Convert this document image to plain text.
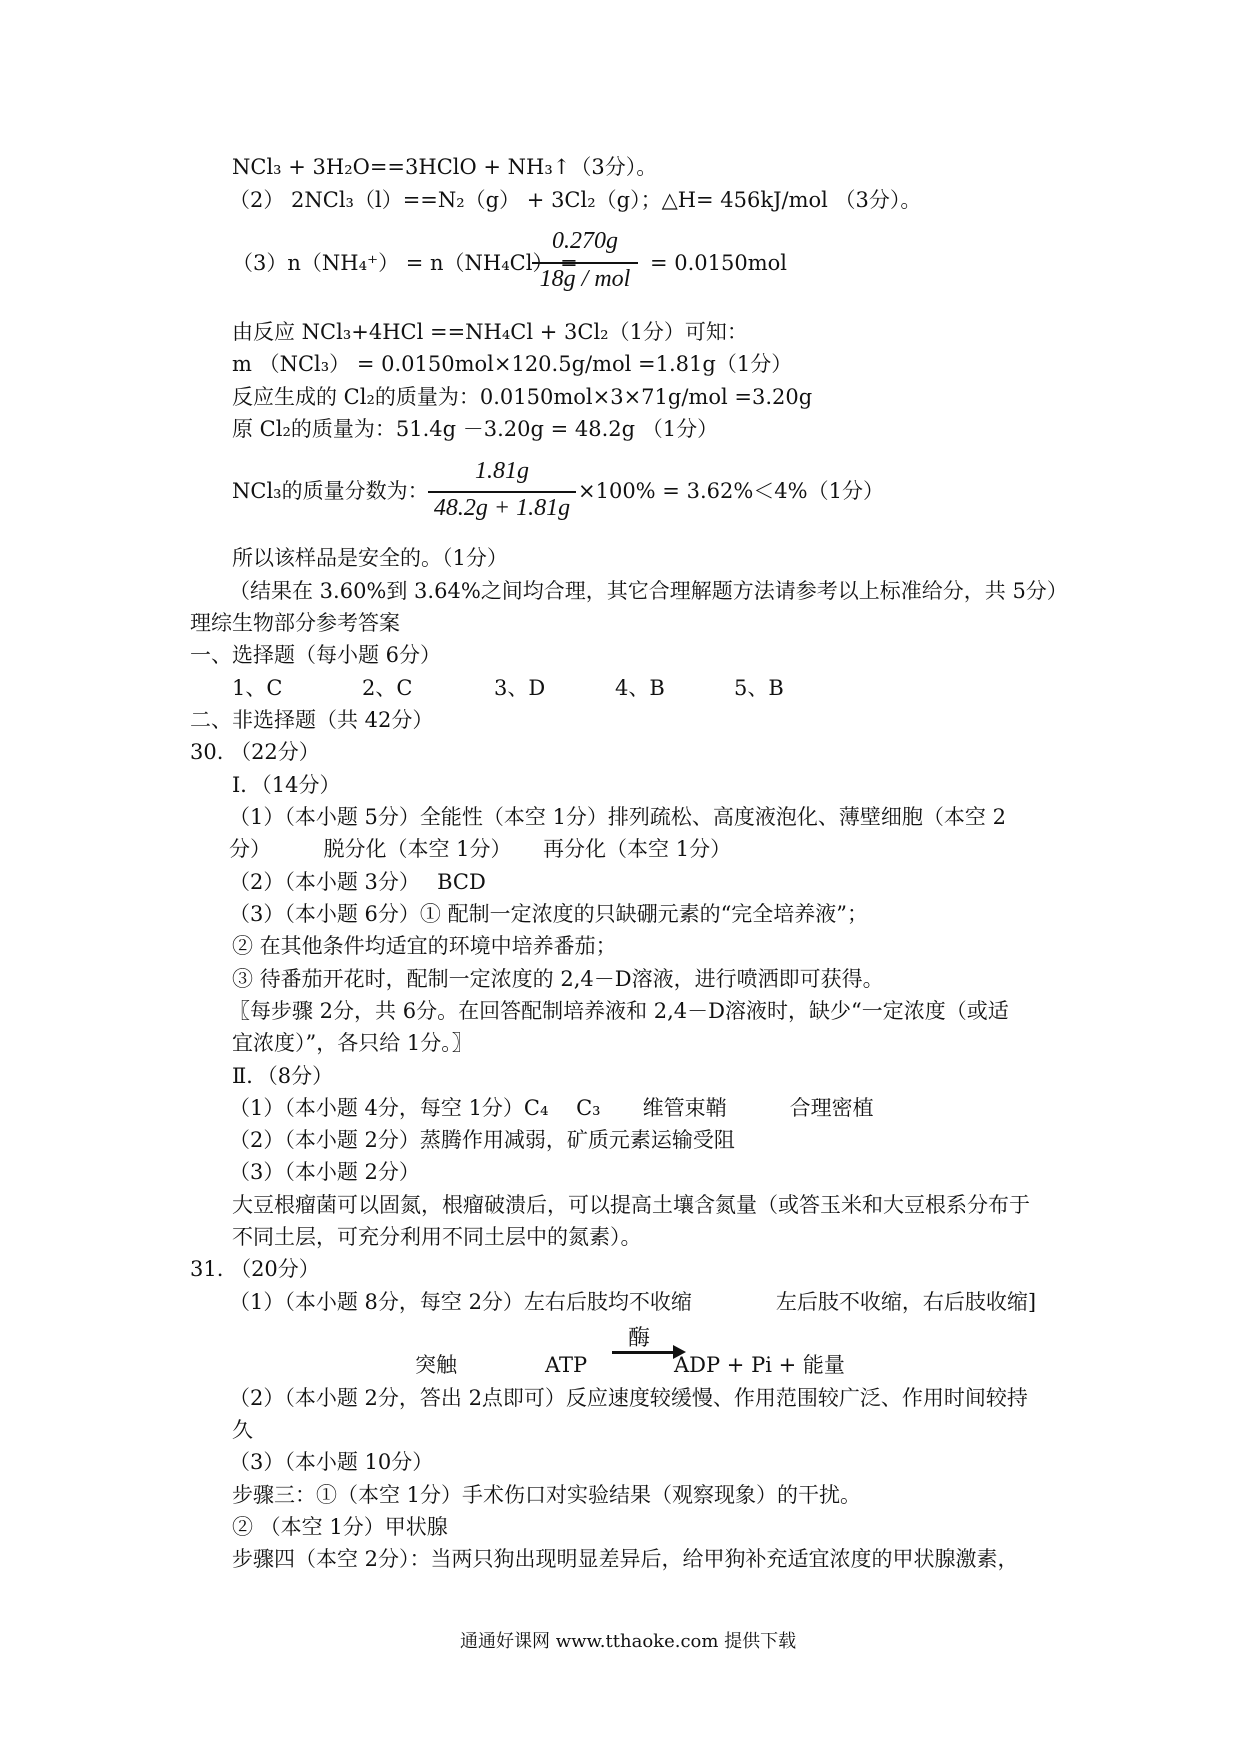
NCl₃ + 3H₂O==3HClO + NH₃↑（3分）。
（2） 2NCl₃（l）==N₂（g） + 3Cl₂（g）；△H= 456kJ/mol （3分）。
（3）n（NH₄⁺） = n（NH₄Cl） =
0.270g
18g / mol
= 0.0150mol
由反应 NCl₃+4HCl ==NH₄Cl + 3Cl₂（1分）可知：
m （NCl₃） = 0.0150mol×120.5g/mol =1.81g（1分）
反应生成的 Cl₂的质量为：0.0150mol×3×71g/mol =3.20g
原 Cl₂的质量为：51.4g －3.20g = 48.2g （1分）
NCl₃的质量分数为：
1.81g
48.2g + 1.81g
×100% = 3.62%＜4%（1分）
所以该样品是安全的。（1分）
（结果在 3.60%到 3.64%之间均合理，其它合理解题方法请参考以上标准给分，共 5分）
理综生物部分参考答案
一、选择题（每小题 6分）
1、C	2、C	3、D	4、B	5、B
二、非选择题（共 42分）
30. （22分）
Ⅰ．（14分）
（1）（本小题 5分）全能性（本空 1分）排列疏松、高度液泡化、薄壁细胞（本空 2
分）　　　脱分化（本空 1分）　　再分化（本空 1分）
（2）（本小题 3分）　 BCD
（3）（本小题 6分）① 配制一定浓度的只缺硼元素的“完全培养液”；
② 在其他条件均适宜的环境中培养番茄；
③ 待番茄开花时，配制一定浓度的 2,4－D溶液，进行喷洒即可获得。
〖每步骤 2分，共 6分。在回答配制培养液和 2,4－D溶液时，缺少“一定浓度（或适
宜浓度）”，各只给 1分。〗
Ⅱ．（8分）
（1）（本小题 4分，每空 1分）C₄　 C₃　　维管束鞘　　　合理密植
（2）（本小题 2分）蒸腾作用减弱，矿质元素运输受阻
（3）（本小题 2分）
大豆根瘤菌可以固氮，根瘤破溃后，可以提高土壤含氮量（或答玉米和大豆根系分布于
不同土层，可充分利用不同土层中的氮素）。
31. （20分）
（1）（本小题 8分，每空 2分）左右后肢均不收缩　　　　左后肢不收缩，右后肢收缩]
突触	ATP
酶
ADP + Pi + 能量
（2）（本小题 2分，答出 2点即可）反应速度较缓慢、作用范围较广泛、作用时间较持
久
（3）（本小题 10分）
步骤三：①（本空 1分）手术伤口对实验结果（观察现象）的干扰。
② （本空 1分）甲状腺
步骤四（本空 2分）：当两只狗出现明显差异后，给甲狗补充适宜浓度的甲状腺激素，
通通好课网 www.tthaoke.com 提供下载
